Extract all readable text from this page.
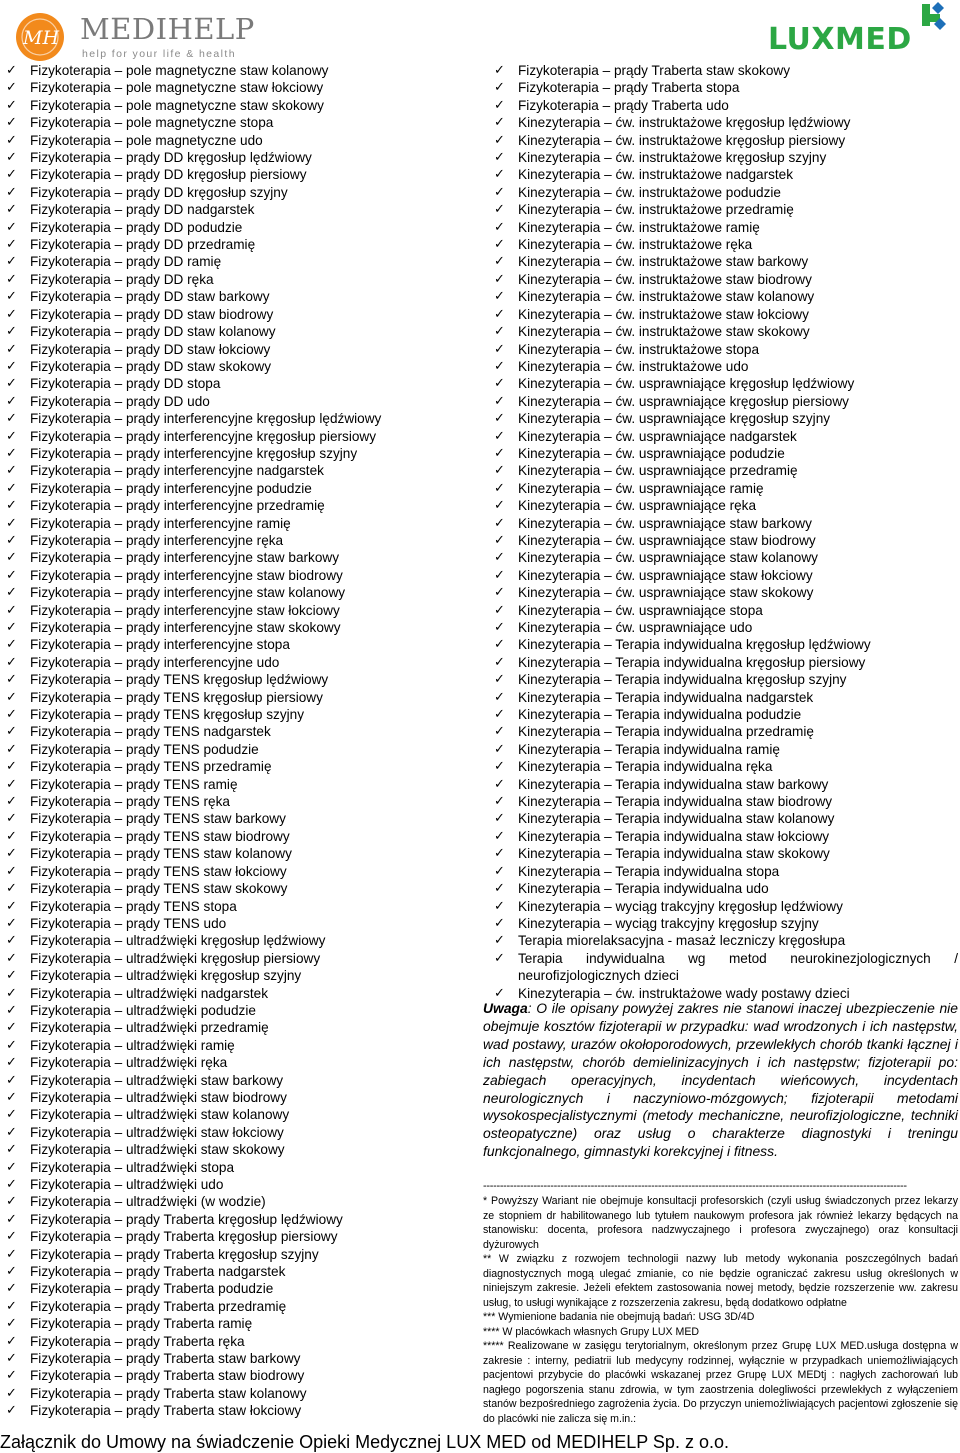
MH MEDIHELP
help for your life & health	LUXMED
✓ Fizykoterapia – pole magnetyczne staw kolanowy
✓ Fizykoterapia – pole magnetyczne staw łokciowy
✓ Fizykoterapia – pole magnetyczne staw skokowy
✓ Fizykoterapia – pole magnetyczne stopa
✓ Fizykoterapia – pole magnetyczne udo
✓ Fizykoterapia – prądy DD kręgosłup lędźwiowy
✓ Fizykoterapia – prądy DD kręgosłup piersiowy
✓ Fizykoterapia – prądy DD kręgosłup szyjny
✓ Fizykoterapia – prądy DD nadgarstek
✓ Fizykoterapia – prądy DD podudzie
✓ Fizykoterapia – prądy DD przedramię
✓ Fizykoterapia – prądy DD ramię
✓ Fizykoterapia – prądy DD ręka
✓ Fizykoterapia – prądy DD staw barkowy
✓ Fizykoterapia – prądy DD staw biodrowy
✓ Fizykoterapia – prądy DD staw kolanowy
✓ Fizykoterapia – prądy DD staw łokciowy
✓ Fizykoterapia – prądy DD staw skokowy
✓ Fizykoterapia – prądy DD stopa
✓ Fizykoterapia – prądy DD udo
✓ Fizykoterapia – prądy interferencyjne kręgosłup lędźwiowy
✓ Fizykoterapia – prądy interferencyjne kręgosłup piersiowy
✓ Fizykoterapia – prądy interferencyjne kręgosłup szyjny
✓ Fizykoterapia – prądy interferencyjne nadgarstek
✓ Fizykoterapia – prądy interferencyjne podudzie
✓ Fizykoterapia – prądy interferencyjne przedramię
✓ Fizykoterapia – prądy interferencyjne ramię
✓ Fizykoterapia – prądy interferencyjne ręka
✓ Fizykoterapia – prądy interferencyjne staw barkowy
✓ Fizykoterapia – prądy interferencyjne staw biodrowy
✓ Fizykoterapia – prądy interferencyjne staw kolanowy
✓ Fizykoterapia – prądy interferencyjne staw łokciowy
✓ Fizykoterapia – prądy interferencyjne staw skokowy
✓ Fizykoterapia – prądy interferencyjne stopa
✓ Fizykoterapia – prądy interferencyjne udo
✓ Fizykoterapia – prądy TENS kręgosłup lędźwiowy
✓ Fizykoterapia – prądy TENS kręgosłup piersiowy
✓ Fizykoterapia – prądy TENS kręgosłup szyjny
✓ Fizykoterapia – prądy TENS nadgarstek
✓ Fizykoterapia – prądy TENS podudzie
✓ Fizykoterapia – prądy TENS przedramię
✓ Fizykoterapia – prądy TENS ramię
✓ Fizykoterapia – prądy TENS ręka
✓ Fizykoterapia – prądy TENS staw barkowy
✓ Fizykoterapia – prądy TENS staw biodrowy
✓ Fizykoterapia – prądy TENS staw kolanowy
✓ Fizykoterapia – prądy TENS staw łokciowy
✓ Fizykoterapia – prądy TENS staw skokowy
✓ Fizykoterapia – prądy TENS stopa
✓ Fizykoterapia – prądy TENS udo
✓ Fizykoterapia – ultradźwięki kręgosłup lędźwiowy
✓ Fizykoterapia – ultradźwięki kręgosłup piersiowy
✓ Fizykoterapia – ultradźwięki kręgosłup szyjny
✓ Fizykoterapia – ultradźwięki nadgarstek
✓ Fizykoterapia – ultradźwięki podudzie
✓ Fizykoterapia – ultradźwięki przedramię
✓ Fizykoterapia – ultradźwięki ramię
✓ Fizykoterapia – ultradźwięki ręka
✓ Fizykoterapia – ultradźwięki staw barkowy
✓ Fizykoterapia – ultradźwięki staw biodrowy
✓ Fizykoterapia – ultradźwięki staw kolanowy
✓ Fizykoterapia – ultradźwięki staw łokciowy
✓ Fizykoterapia – ultradźwięki staw skokowy
✓ Fizykoterapia – ultradźwięki stopa
✓ Fizykoterapia – ultradźwięki udo
✓ Fizykoterapia – ultradźwięki (w wodzie)
✓ Fizykoterapia – prądy Traberta kręgosłup lędźwiowy
✓ Fizykoterapia – prądy Traberta kręgosłup piersiowy
✓ Fizykoterapia – prądy Traberta kręgosłup szyjny
✓ Fizykoterapia – prądy Traberta nadgarstek
✓ Fizykoterapia – prądy Traberta podudzie
✓ Fizykoterapia – prądy Traberta przedramię
✓ Fizykoterapia – prądy Traberta ramię
✓ Fizykoterapia – prądy Traberta ręka
✓ Fizykoterapia – prądy Traberta staw barkowy
✓ Fizykoterapia – prądy Traberta staw biodrowy
✓ Fizykoterapia – prądy Traberta staw kolanowy
✓ Fizykoterapia – prądy Traberta staw łokciowy
✓ Fizykoterapia – prądy Traberta staw skokowy
✓ Fizykoterapia – prądy Traberta stopa
✓ Fizykoterapia – prądy Traberta udo
✓ Kinezyterapia – ćw. instruktażowe kręgosłup lędźwiowy
✓ Kinezyterapia – ćw. instruktażowe kręgosłup piersiowy
✓ Kinezyterapia – ćw. instruktażowe kręgosłup szyjny
✓ Kinezyterapia – ćw. instruktażowe nadgarstek
✓ Kinezyterapia – ćw. instruktażowe podudzie
✓ Kinezyterapia – ćw. instruktażowe przedramię
✓ Kinezyterapia – ćw. instruktażowe ramię
✓ Kinezyterapia – ćw. instruktażowe ręka
✓ Kinezyterapia – ćw. instruktażowe staw barkowy
✓ Kinezyterapia – ćw. instruktażowe staw biodrowy
✓ Kinezyterapia – ćw. instruktażowe staw kolanowy
✓ Kinezyterapia – ćw. instruktażowe staw łokciowy
✓ Kinezyterapia – ćw. instruktażowe staw skokowy
✓ Kinezyterapia – ćw. instruktażowe stopa
✓ Kinezyterapia – ćw. instruktażowe udo
✓ Kinezyterapia – ćw. usprawniające kręgosłup lędźwiowy
✓ Kinezyterapia – ćw. usprawniające kręgosłup piersiowy
✓ Kinezyterapia – ćw. usprawniające kręgosłup szyjny
✓ Kinezyterapia – ćw. usprawniające nadgarstek
✓ Kinezyterapia – ćw. usprawniające podudzie
✓ Kinezyterapia – ćw. usprawniające przedramię
✓ Kinezyterapia – ćw. usprawniające ramię
✓ Kinezyterapia – ćw. usprawniające ręka
✓ Kinezyterapia – ćw. usprawniające staw barkowy
✓ Kinezyterapia – ćw. usprawniające staw biodrowy
✓ Kinezyterapia – ćw. usprawniające staw kolanowy
✓ Kinezyterapia – ćw. usprawniające staw łokciowy
✓ Kinezyterapia – ćw. usprawniające staw skokowy
✓ Kinezyterapia – ćw. usprawniające stopa
✓ Kinezyterapia – ćw. usprawniające udo
✓ Kinezyterapia – Terapia indywidualna kręgosłup lędźwiowy
✓ Kinezyterapia – Terapia indywidualna kręgosłup piersiowy
✓ Kinezyterapia – Terapia indywidualna kręgosłup szyjny
✓ Kinezyterapia – Terapia indywidualna nadgarstek
✓ Kinezyterapia – Terapia indywidualna podudzie
✓ Kinezyterapia – Terapia indywidualna przedramię
✓ Kinezyterapia – Terapia indywidualna ramię
✓ Kinezyterapia – Terapia indywidualna ręka
✓ Kinezyterapia – Terapia indywidualna staw barkowy
✓ Kinezyterapia – Terapia indywidualna staw biodrowy
✓ Kinezyterapia – Terapia indywidualna staw kolanowy
✓ Kinezyterapia – Terapia indywidualna staw łokciowy
✓ Kinezyterapia – Terapia indywidualna staw skokowy
✓ Kinezyterapia – Terapia indywidualna stopa
✓ Kinezyterapia – Terapia indywidualna udo
✓ Kinezyterapia – wyciąg trakcyjny kręgosłup lędźwiowy
✓ Kinezyterapia – wyciąg trakcyjny kręgosłup szyjny
✓ Terapia miorelaksacyjna - masaż leczniczy kręgosłupa
✓ Terapia indywidualna wg metod neurokinezjologicznych / neurofizjologicznych dzieci
✓ Kinezyterapia – ćw. instruktażowe wady postawy dzieci
Uwaga: O ile opisany powyżej zakres nie stanowi inaczej ubezpieczenie nie obejmuje kosztów fizjoterapii w przypadku: wad wrodzonych i ich następstw, wad postawy, urazów okołoporodowych, przewlekłych chorób tkanki łącznej i ich następstw, chorób demielinizacyjnych i ich następstw; fizjoterapii po: zabiegach operacyjnych, incydentach wieńcowych, incydentach neurologicznych i naczyniowo-mózgowych; fizjoterapii metodami wysokospecjalistycznymi (metody mechaniczne, neurofizjologiczne, techniki osteopatyczne) oraz usług o charakterze diagnostyki i treningu funkcjonalnego, gimnastyki korekcyjnej i fitness.
------------------------------------------------------------------------------------------------------------------------------

* Powyższy Wariant nie obejmuje konsultacji profesorskich (czyli usług świadczonych przez lekarzy ze stopniem dr habilitowanego lub tytułem naukowym profesora jak również lekarzy będących na stanowisku: docenta, profesora nadzwyczajnego i profesora zwyczajnego) oraz konsultacji dyżurowych

** W związku z rozwojem technologii nazwy lub metody wykonania poszczególnych badań diagnostycznych mogą ulegać zmianie, co nie będzie ograniczać zakresu usług określonych w niniejszym zakresie. Jeżeli efektem zastosowania nowej metody, będzie rozszerzenie ww. zakresu usług, to usługi wynikające z rozszerzenia zakresu, będą dodatkowo odpłatne

*** Wymienione badania nie obejmują badań: USG 3D/4D

**** W placówkach własnych Grupy LUX MED

***** Realizowane w zasięgu terytorialnym, określonym przez Grupę LUX MED.usługa dostępna w zakresie : interny, pediatrii lub medycyny rodzinnej, wyłącznie w przypadkach uniemożliwiających pacjentowi przybycie do placówki wskazanej przez Grupę LUX MEDtj : nagłych zachorowań lub nagłego pogorszenia stanu zdrowia, w tym zaostrzenia dolegliwości przewlekłych z wyłączeniem stanów bezpośredniego zagrożenia życia. Do przyczyn uniemożliwiających pacjentowi zgłoszenie się do placówki nie zalicza się m.in.:

Załącznik do Umowy na świadczenie Opieki Medycznej LUX MED od MEDIHELP Sp. z o.o.
